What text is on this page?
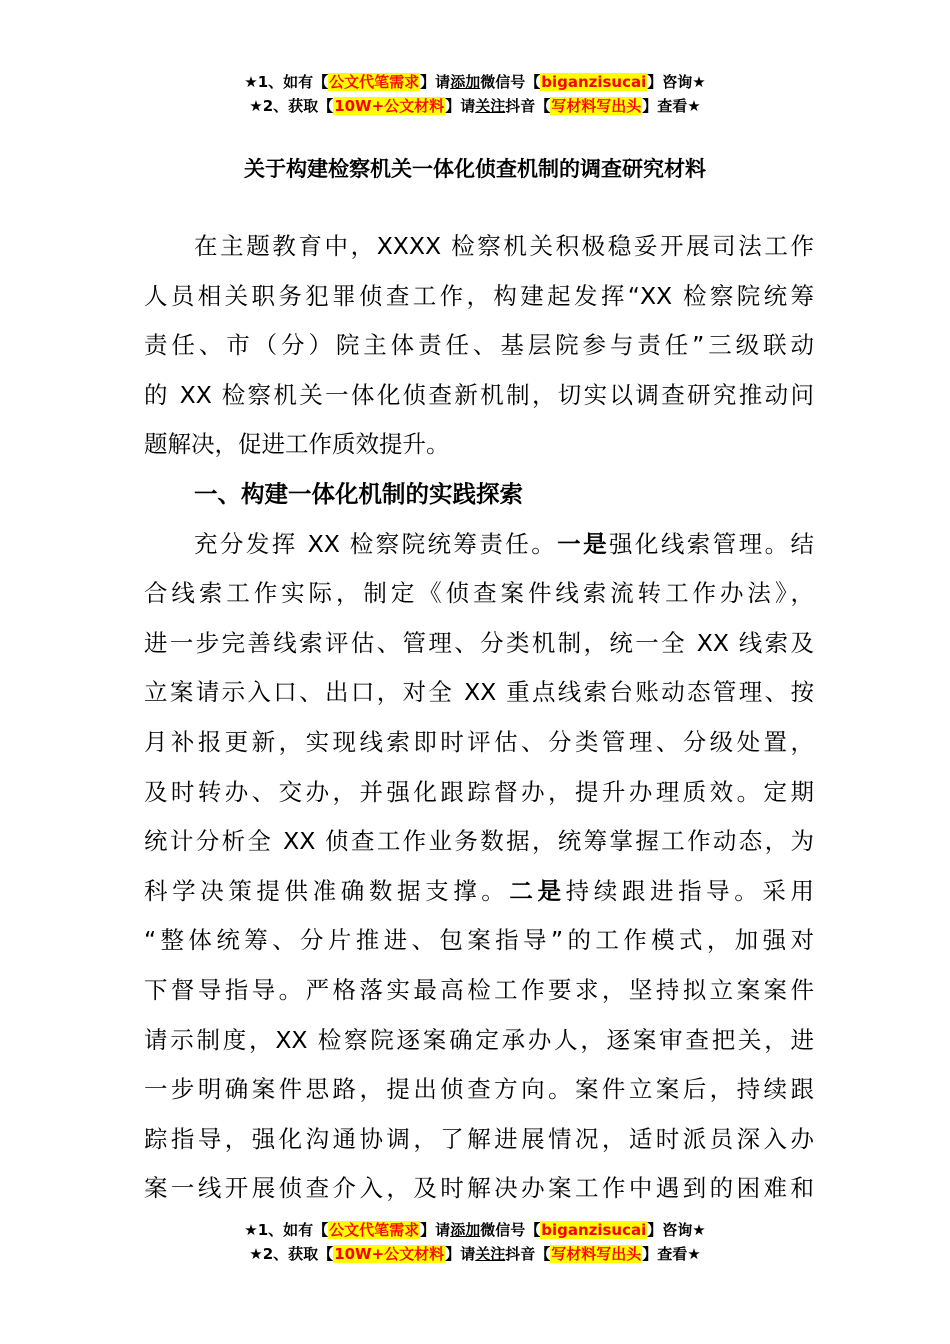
★1、如有【公文代笔需求】请添加微信号【biganzisucai】咨询★
★2、获取【10W+公文材料】请关注抖音【写材料写出头】查看★
关于构建检察机关一体化侦查机制的调查研究材料
在主题教育中，XXXX 检察机关积极稳妥开展司法工作
人员相关职务犯罪侦查工作，构建起发挥“XX 检察院统筹
责任、市（分）院主体责任、基层院参与责任”三级联动
的 XX 检察机关一体化侦查新机制，切实以调查研究推动问
题解决，促进工作质效提升。
一、构建一体化机制的实践探索
充分发挥 XX 检察院统筹责任。一是强化线索管理。结
合线索工作实际，制定《侦查案件线索流转工作办法》，
进一步完善线索评估、管理、分类机制，统一全 XX 线索及
立案请示入口、出口，对全 XX 重点线索台账动态管理、按
月补报更新，实现线索即时评估、分类管理、分级处置，
及时转办、交办，并强化跟踪督办，提升办理质效。定期
统计分析全 XX 侦查工作业务数据，统筹掌握工作动态，为
科学决策提供准确数据支撑。二是持续跟进指导。采用
“整体统筹、分片推进、包案指导”的工作模式，加强对
下督导指导。严格落实最高检工作要求，坚持拟立案案件
请示制度，XX 检察院逐案确定承办人，逐案审查把关，进
一步明确案件思路，提出侦查方向。案件立案后，持续跟
踪指导，强化沟通协调，了解进展情况，适时派员深入办
案一线开展侦查介入，及时解决办案工作中遇到的困难和
★1、如有【公文代笔需求】请添加微信号【biganzisucai】咨询★
★2、获取【10W+公文材料】请关注抖音【写材料写出头】查看★
